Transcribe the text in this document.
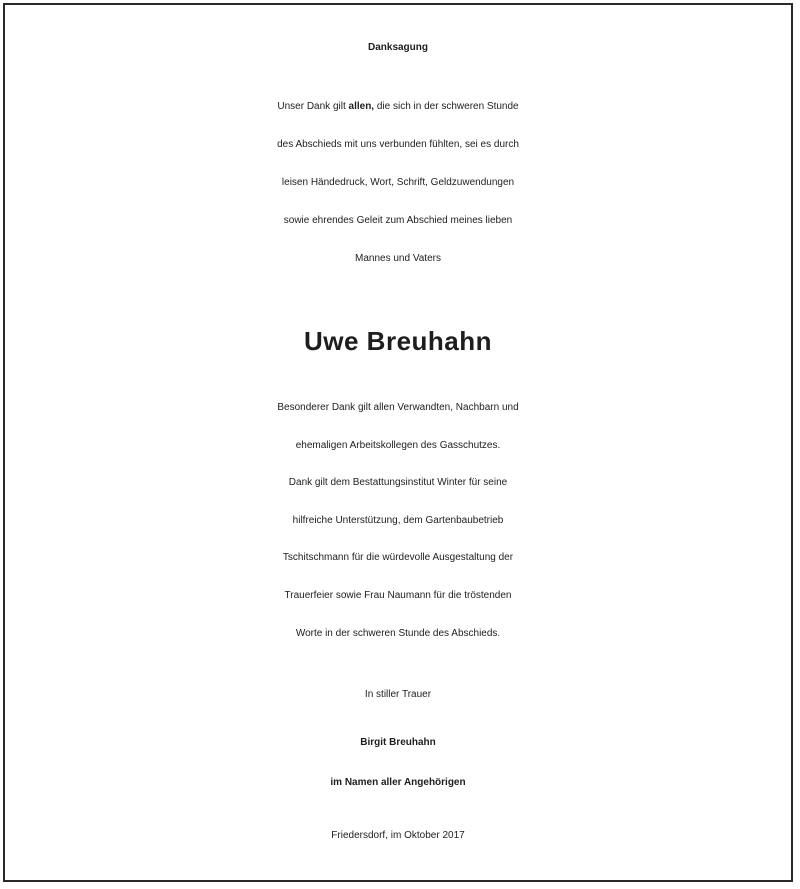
Danksagung
Unser Dank gilt allen, die sich in der schweren Stunde
des Abschieds mit uns verbunden fühlten, sei es durch
leisen Händedruck, Wort, Schrift, Geldzuwendungen
sowie ehrendes Geleit zum Abschied meines lieben
Mannes und Vaters
Uwe Breuhahn
Besonderer Dank gilt allen Verwandten, Nachbarn und
ehemaligen Arbeitskollegen des Gasschutzes.
Dank gilt dem Bestattungsinstitut Winter für seine
hilfreiche Unterstützung, dem Gartenbaubetrieb
Tschitschmann für die würdevolle Ausgestaltung der
Trauerfeier sowie Frau Naumann für die tröstenden
Worte in der schweren Stunde des Abschieds.
In stiller Trauer
Birgit Breuhahn
im Namen aller Angehörigen
Friedersdorf, im Oktober 2017
